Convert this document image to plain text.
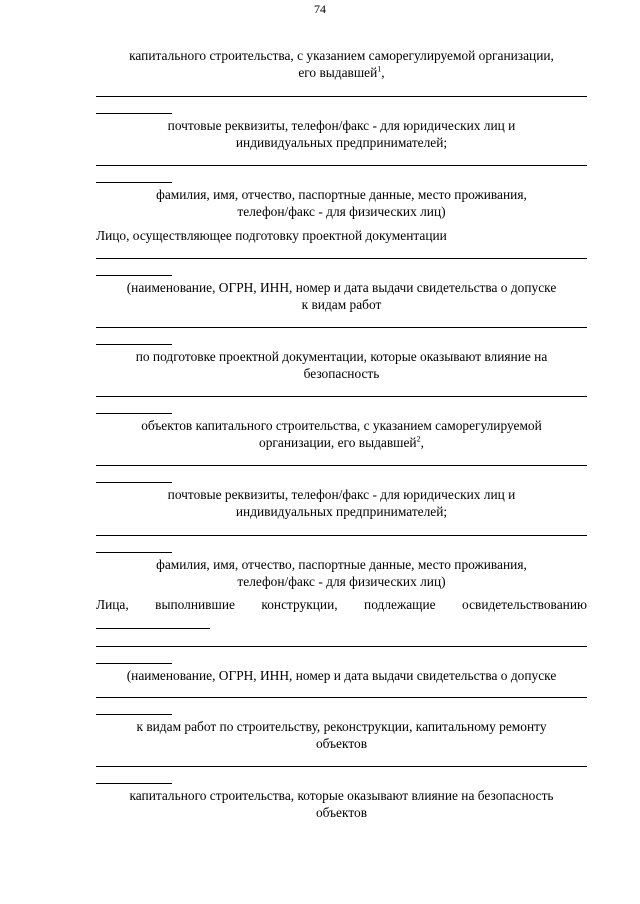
74
капитального строительства, с указанием саморегулируемой организации,
его выдавшей$^1$,
почтовые реквизиты, телефон/факс - для юридических лиц и
индивидуальных предпринимателей;
фамилия, имя, отчество, паспортные данные, место проживания,
телефон/факс - для физических лиц)
Лицо, осуществляющее подготовку проектной документации
(наименование, ОГРН, ИНН, номер и дата выдачи свидетельства о допуске
к видам работ
по подготовке проектной документации, которые оказывают влияние на
безопасность
объектов капитального строительства, с указанием саморегулируемой
организации, его выдавшей$^2$,
почтовые реквизиты, телефон/факс - для юридических лиц и
индивидуальных предпринимателей;
фамилия, имя, отчество, паспортные данные, место проживания,
телефон/факс - для физических лиц)
Лица, выполнившие конструкции, подлежащие освидетельствованию
(наименование, ОГРН, ИНН, номер и дата выдачи свидетельства о допуске
к видам работ по строительству, реконструкции, капитальному ремонту
объектов
капитального строительства, которые оказывают влияние на безопасность
объектов
